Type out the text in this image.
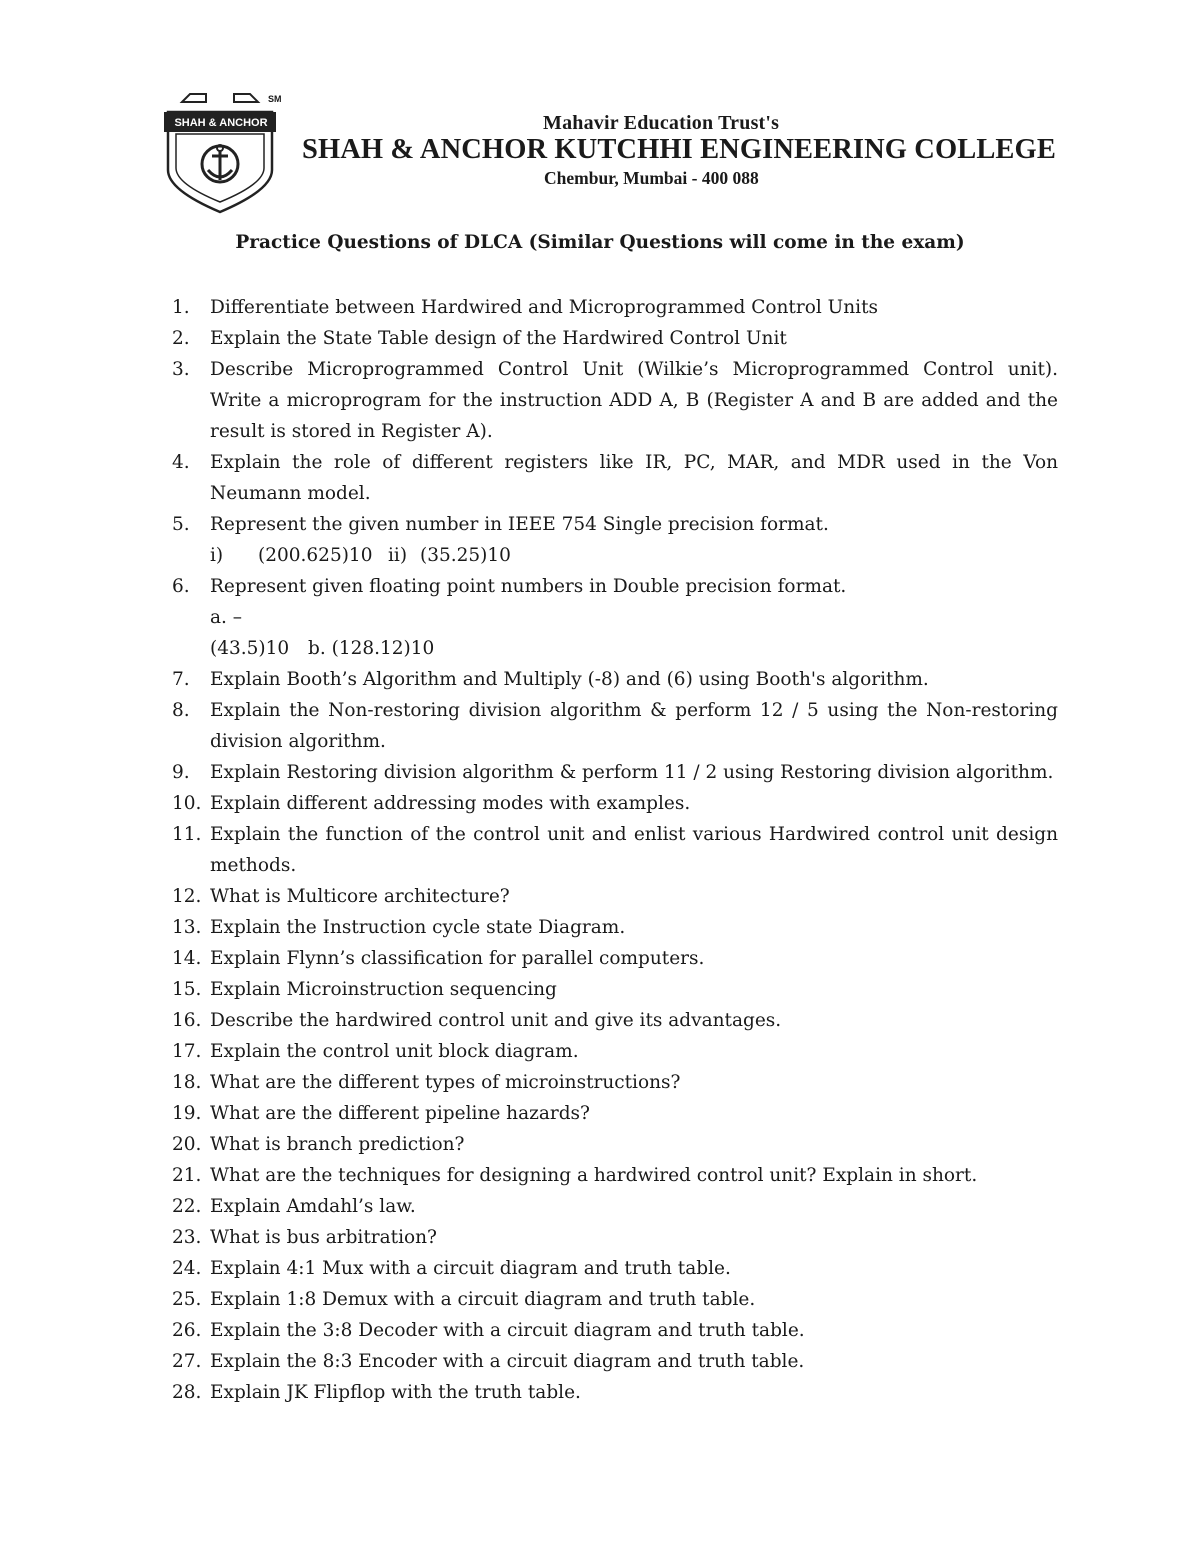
SHAH & ANCHOR
SM
Mahavir Education Trust's
SHAH & ANCHOR KUTCHHI ENGINEERING COLLEGE
Chembur, Mumbai - 400 088
Practice Questions of DLCA (Similar Questions will come in the exam)
1. Differentiate between Hardwired and Microprogrammed Control Units
2. Explain the State Table design of the Hardwired Control Unit
3. Describe Microprogrammed Control Unit (Wilkie’s Microprogrammed Control unit). Write a microprogram for the instruction ADD A, B (Register A and B are added and the result is stored in Register A).
4. Explain the role of different registers like IR, PC, MAR, and MDR used in the Von Neumann model.
5. Represent the given number in IEEE 754 Single precision format.
i) (200.625)10 ii) (35.25)10
6. Represent given floating point numbers in Double precision format.
a. –(43.5)10 b. (128.12)10
7. Explain Booth’s Algorithm and Multiply (-8) and (6) using Booth's algorithm.
8. Explain the Non-restoring division algorithm & perform 12 / 5 using the Non-restoring division algorithm.
9. Explain Restoring division algorithm & perform 11 / 2 using Restoring division algorithm.
10. Explain different addressing modes with examples.
11. Explain the function of the control unit and enlist various Hardwired control unit design methods.
12. What is Multicore architecture?
13. Explain the Instruction cycle state Diagram.
14. Explain Flynn’s classification for parallel computers.
15. Explain Microinstruction sequencing
16. Describe the hardwired control unit and give its advantages.
17. Explain the control unit block diagram.
18. What are the different types of microinstructions?
19. What are the different pipeline hazards?
20. What is branch prediction?
21. What are the techniques for designing a hardwired control unit? Explain in short.
22. Explain Amdahl’s law.
23. What is bus arbitration?
24. Explain 4:1 Mux with a circuit diagram and truth table.
25. Explain 1:8 Demux with a circuit diagram and truth table.
26. Explain the 3:8 Decoder with a circuit diagram and truth table.
27. Explain the 8:3 Encoder with a circuit diagram and truth table.
28. Explain JK Flipflop with the truth table.
